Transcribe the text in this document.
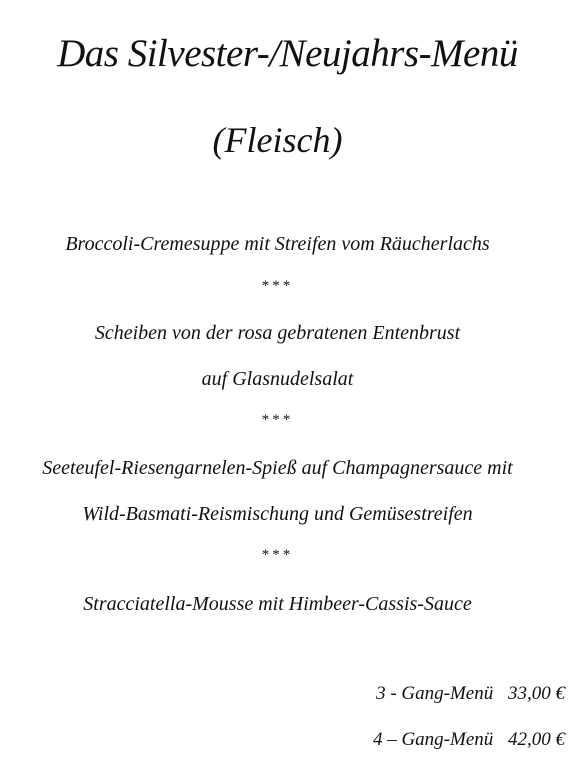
Das Silvester-/Neujahrs-Menü
(Fleisch)
Broccoli-Cremesuppe mit Streifen vom Räucherlachs
***
Scheiben von der rosa gebratenen Entenbrust
auf Glasnudelsalat
***
Seeteufel-Riesengarnelen-Spieß auf Champagnersauce mit
Wild-Basmati-Reismischung und Gemüsestreifen
***
Stracciatella-Mousse mit Himbeer-Cassis-Sauce
3 - Gang-Menü 33,00 €
4 – Gang-Menü 42,00 €
